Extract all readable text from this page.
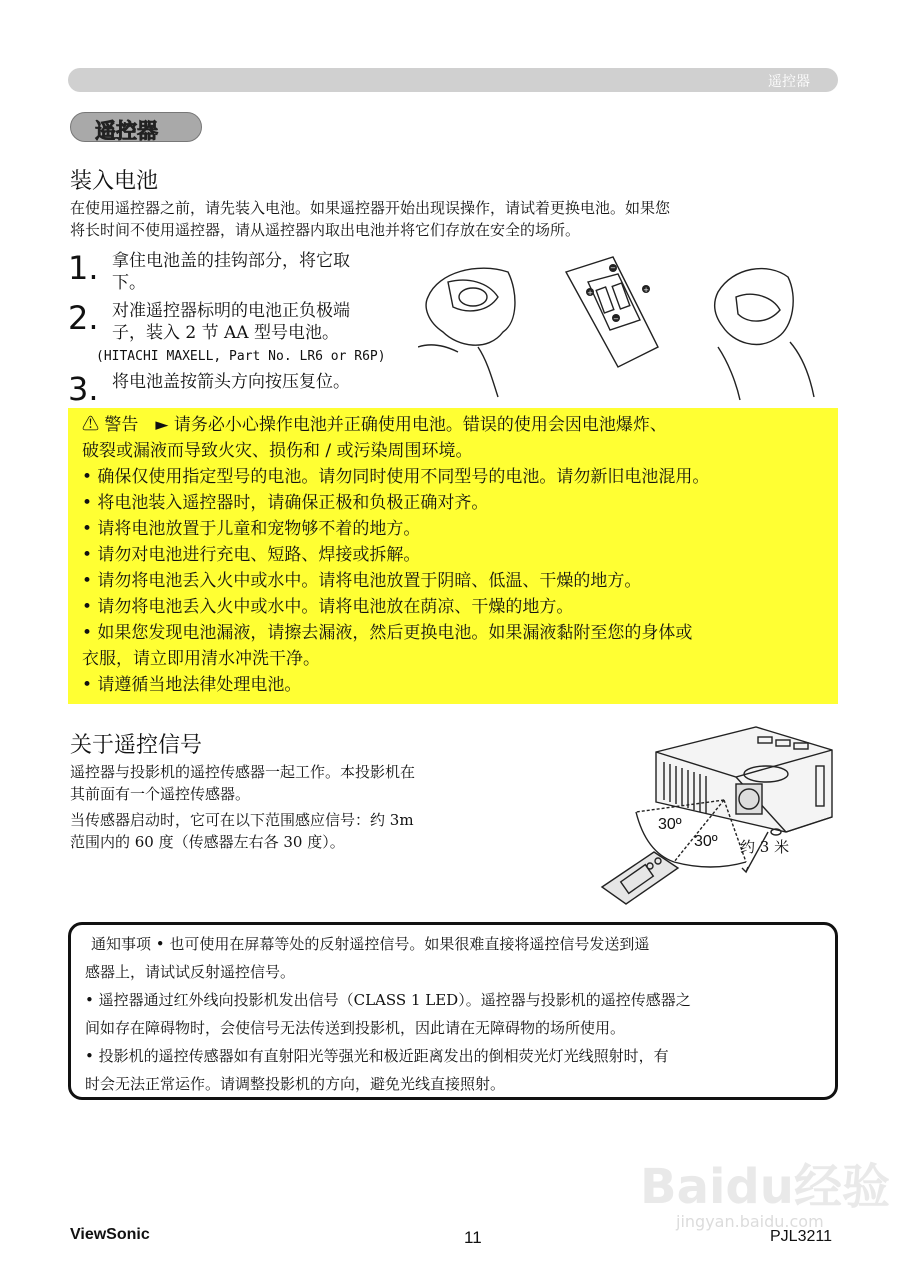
遥控器
遥控器
装入电池
在使用遥控器之前，请先装入电池。如果遥控器开始出现误操作，请试着更换电池。如果您
将长时间不使用遥控器，请从遥控器内取出电池并将它们存放在安全的场所。
1. 拿住电池盖的挂钩部分，将它取
下。
2. 对准遥控器标明的电池正负极端
子，装入 2 节 AA 型号电池。
(HITACHI MAXELL, Part No. LR6 or R6P)
3. 将电池盖按箭头方向按压复位。
−
+	+
−
⚠ 警告　► 请务必小心操作电池并正确使用电池。错误的使用会因电池爆炸、
破裂或漏液而导致火灾、损伤和 / 或污染周围环境。
• 确保仅使用指定型号的电池。请勿同时使用不同型号的电池。请勿新旧电池混用。
• 将电池装入遥控器时，请确保正极和负极正确对齐。
• 请将电池放置于儿童和宠物够不着的地方。
• 请勿对电池进行充电、短路、焊接或拆解。
• 请勿将电池丢入火中或水中。请将电池放置于阴暗、低温、干燥的地方。
• 请勿将电池丢入火中或水中。请将电池放在荫凉、干燥的地方。
• 如果您发现电池漏液，请擦去漏液，然后更换电池。如果漏液黏附至您的身体或
衣服，请立即用清水冲洗干净。
• 请遵循当地法律处理电池。
关于遥控信号
遥控器与投影机的遥控传感器一起工作。本投影机在
其前面有一个遥控传感器。
当传感器启动时，它可在以下范围感应信号：约 3m
范围内的 60 度（传感器左右各 30 度）。
30º
30º 约 3 米
通知事项 • 也可使用在屏幕等处的反射遥控信号。如果很难直接将遥控信号发送到遥
感器上，请试试反射遥控信号。
• 遥控器通过红外线向投影机发出信号（CLASS 1 LED）。遥控器与投影机的遥控传感器之
间如存在障碍物时，会使信号无法传送到投影机，因此请在无障碍物的场所使用。
• 投影机的遥控传感器如有直射阳光等强光和极近距离发出的倒相荧光灯光线照射时，有
时会无法正常运作。请调整投影机的方向，避免光线直接照射。
Baidu经验
jingyan.baidu.com
ViewSonic	11	PJL3211
